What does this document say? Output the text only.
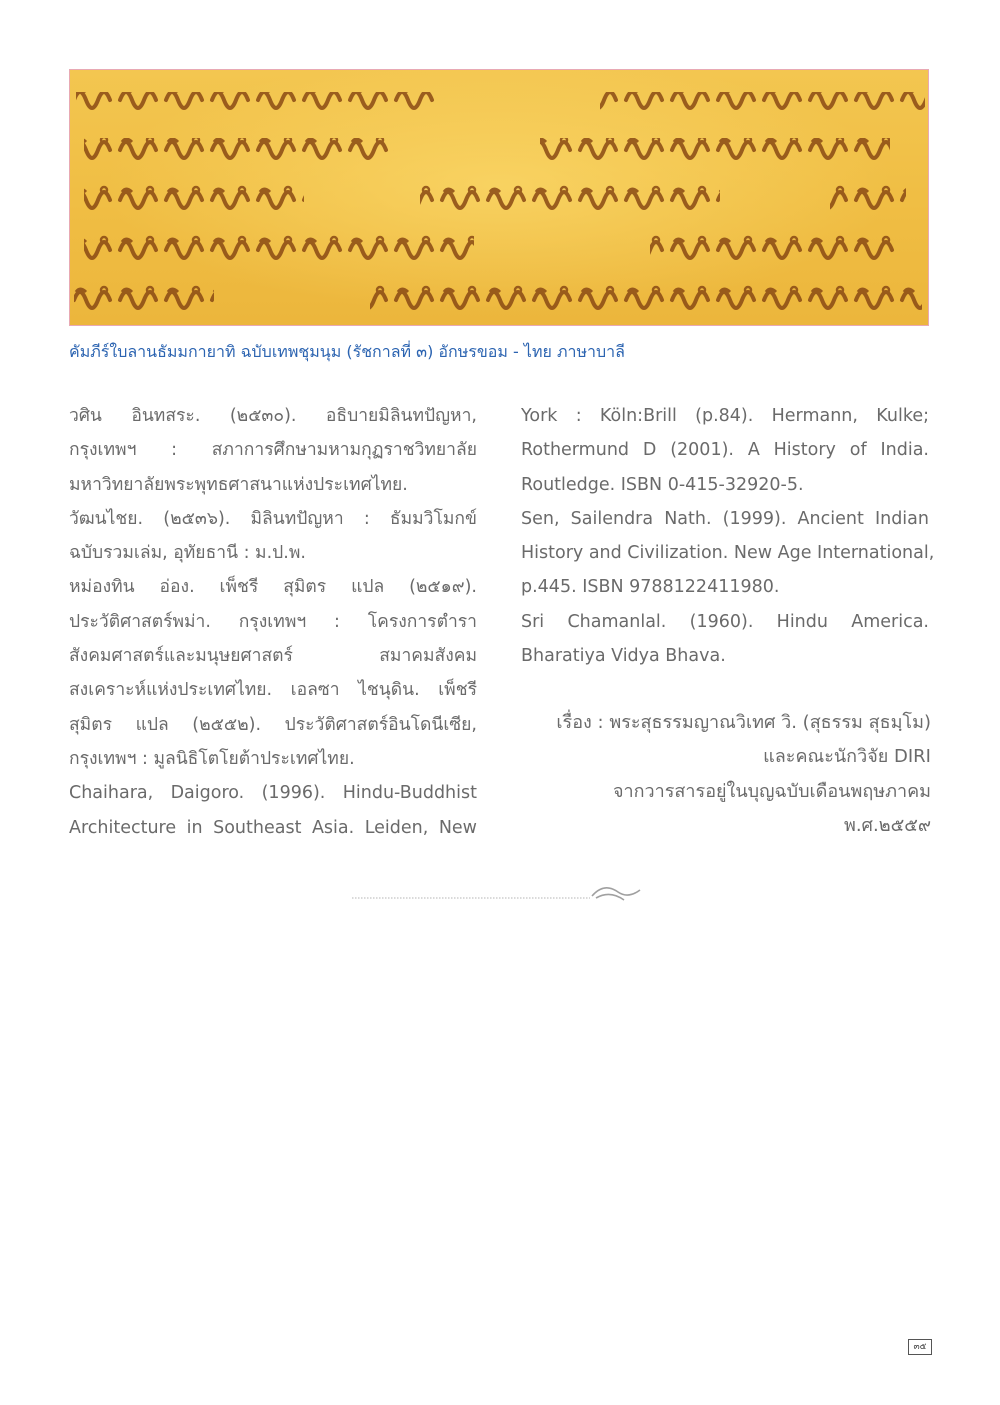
คัมภีร์ใบลานธัมมกายาทิ ฉบับเทพชุมนุม (รัชกาลที่ ๓) อักษรขอม - ไทย ภาษาบาลี
วศิน อินทสระ. (๒๕๓๐). อธิบายมิลินทปัญหา,
กรุงเทพฯ : สภาการศึกษามหามกุฏราชวิทยาลัย
มหาวิทยาลัยพระพุทธศาสนาแห่งประเทศไทย.
วัฒนไชย. (๒๕๓๖). มิลินทปัญหา : ธัมมวิโมกข์
ฉบับรวมเล่ม, อุทัยธานี : ม.ป.พ.
หม่องทิน อ่อง. เพ็ชรี สุมิตร แปล (๒๕๑๙).
ประวัติศาสตร์พม่า. กรุงเทพฯ : โครงการตำรา
สังคมศาสตร์และมนุษยศาสตร์ สมาคมสังคม
สงเคราะห์แห่งประเทศไทย. เอลซา ไชนุดิน. เพ็ชรี
สุมิตร แปล (๒๕๕๒). ประวัติศาสตร์อินโดนีเซีย,
กรุงเทพฯ : มูลนิธิโตโยต้าประเทศไทย.
Chaihara, Daigoro. (1996). Hindu-Buddhist
Architecture in Southeast Asia. Leiden, New
York : Köln:Brill (p.84). Hermann, Kulke;
Rothermund D (2001). A History of India.
Routledge. ISBN 0-415-32920-5.
Sen, Sailendra Nath. (1999). Ancient Indian
History and Civilization. New Age International,
p.445. ISBN 9788122411980.
Sri Chamanlal. (1960). Hindu America.
Bharatiya Vidya Bhava.
เรื่อง : พระสุธรรมญาณวิเทศ วิ. (สุธรรม สุธมฺโม)
และคณะนักวิจัย DIRI
จากวารสารอยู่ในบุญฉบับเดือนพฤษภาคม
พ.ศ.๒๕๕๙
๓๕
